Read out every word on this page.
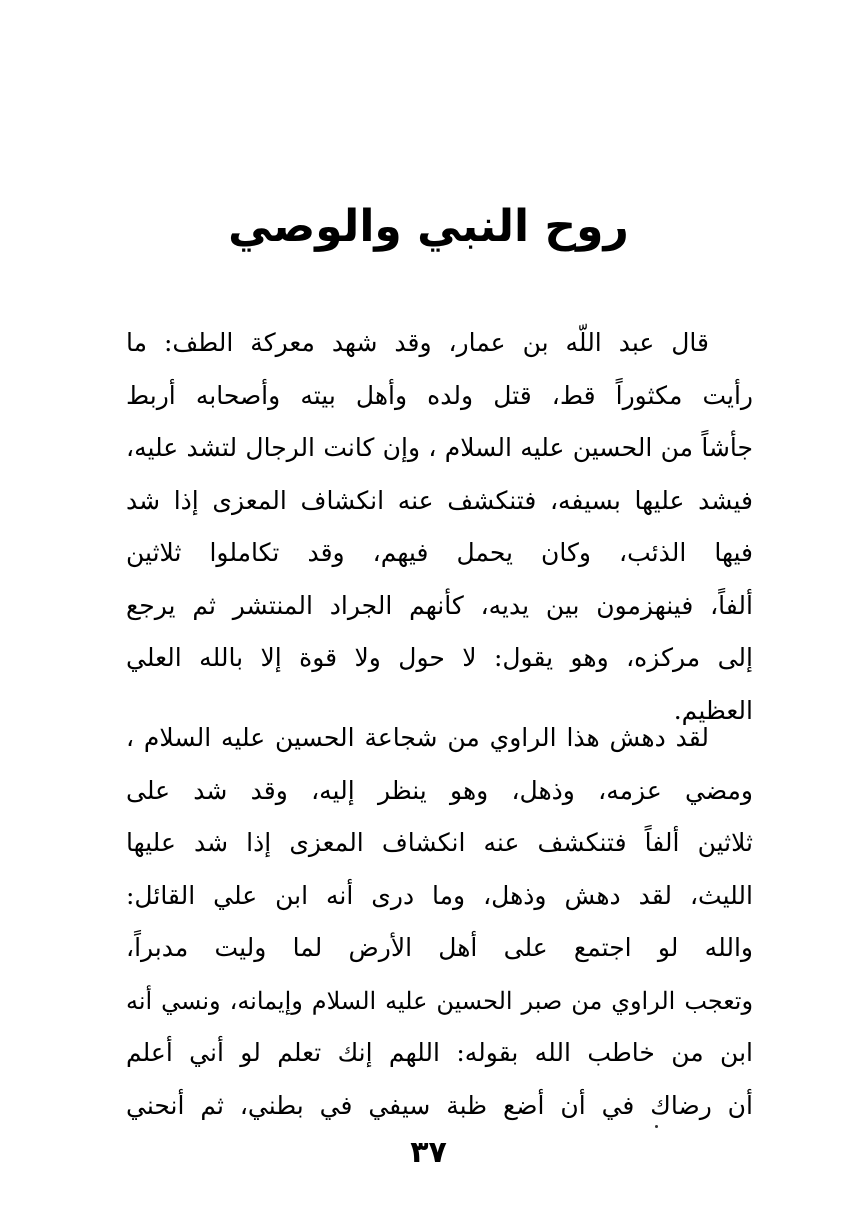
روح النبي والوصي
قال عبد اللّه بن عمار، وقد شهد معركة الطف: ما
رأيت مكثوراً قط، قتل ولده وأهل بيته وأصحابه أربط
جأشاً من الحسين عليه السلام ، وإن كانت الرجال لتشد عليه،
فيشد عليها بسيفه، فتنكشف عنه انكشاف المعزى إذا شد
فيها الذئب، وكان يحمل فيهم، وقد تكاملوا ثلاثين
ألفاً، فينهزمون بين يديه، كأنهم الجراد المنتشر ثم يرجع
إلى مركزه، وهو يقول: لا حول ولا قوة إلا بالله العلي
العظيم.
لقد دهش هذا الراوي من شجاعة الحسين عليه السلام ،
ومضي عزمه، وذهل، وهو ينظر إليه، وقد شد على
ثلاثين ألفاً فتنكشف عنه انكشاف المعزى إذا شد عليها
الليث، لقد دهش وذهل، وما درى أنه ابن علي القائل:
والله لو اجتمع على أهل الأرض لما وليت مدبراً،
وتعجب الراوي من صبر الحسين عليه السلام وإيمانه، ونسي أنه
ابن من خاطب الله بقوله: اللهم إنك تعلم لو أني أعلم
أن رضاك في أن أضع ظبة سيفي في بطني، ثم أنحني
٣٧
